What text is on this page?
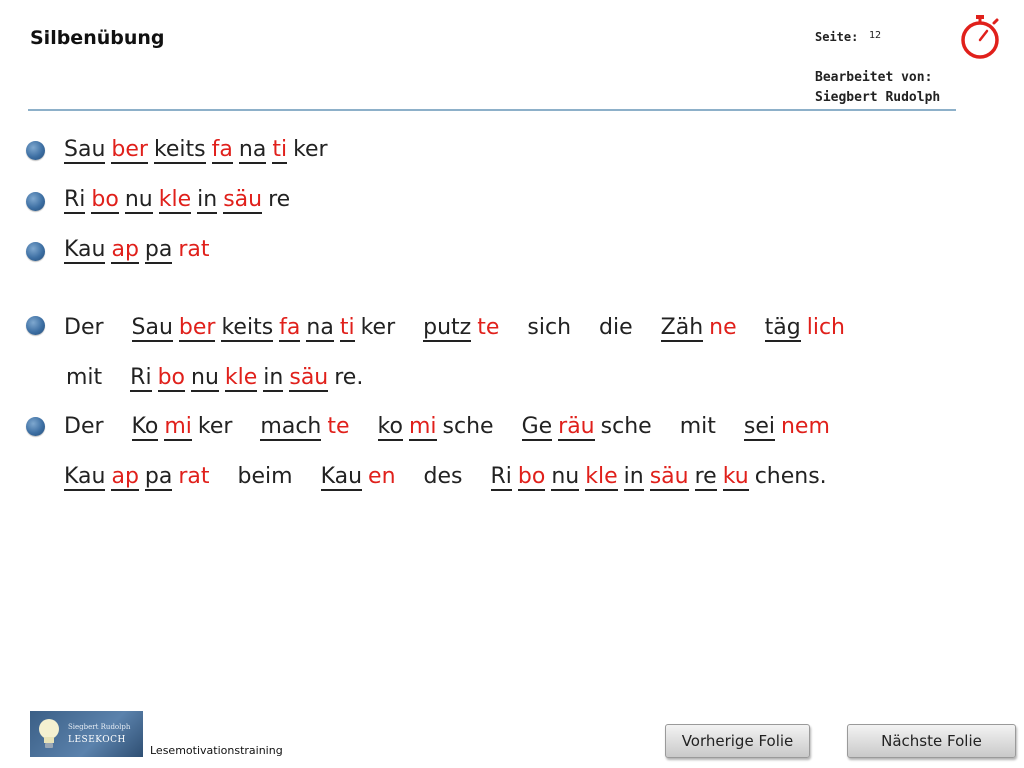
Silbenübung	Seite: 12
Bearbeitet von:
Siegbert Rudolph
Sau ber keits fa na ti ker
Ri bo nu kle in säu re
Kau ap pa rat
Der Sau ber keits fa na ti ker putz te sich die Zäh ne täg lich
mit Ri bo nu kle in säu re.
Der Ko mi ker mach te ko mi sche Ge räu sche mit sei nem
Kau ap pa rat beim Kau en des Ri bo nu kle in säu re ku chens.
Siegbert Rudolph
LESEKOCH
Lesemotivationstraining
Vorherige Folie	Nächste Folie
